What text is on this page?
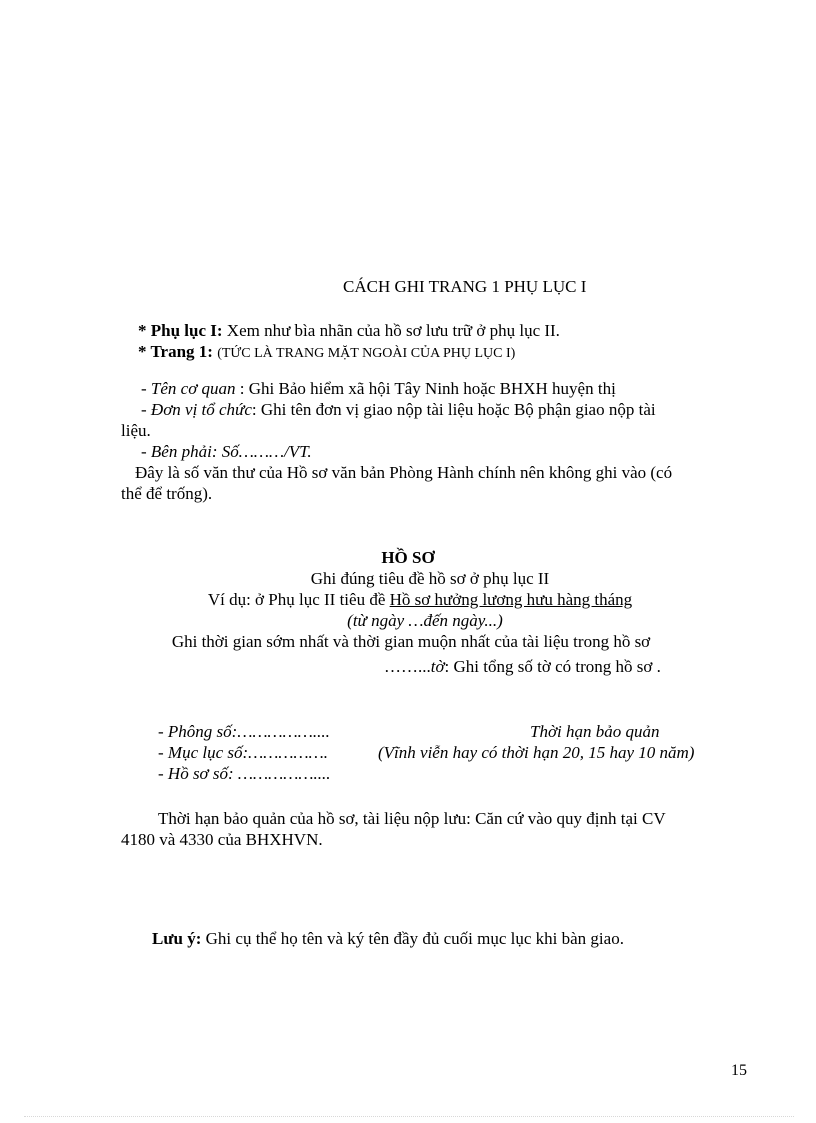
CÁCH GHI TRANG 1 PHỤ LỤC I
* Phụ lục I: Xem như bìa nhãn của hồ sơ lưu trữ ở phụ lục II.
* Trang 1: (TỨC LÀ TRANG MẶT NGOÀI CỦA PHỤ LỤC I)
- Tên cơ quan : Ghi Bảo hiểm xã hội Tây Ninh hoặc BHXH huyện thị
- Đơn vị tổ chức: Ghi tên đơn vị giao nộp tài liệu hoặc Bộ phận giao nộp tài
liệu.
- Bên phải: Số………/VT.
Đây là số văn thư của Hồ sơ văn bản Phòng Hành chính nên không ghi vào (có
thể để trống).
HỒ SƠ
Ghi đúng tiêu đề hồ sơ ở phụ lục II
Ví dụ: ở Phụ lục II tiêu đề Hồ sơ hưởng lương hưu hàng tháng
(từ ngày …đến ngày...)
Ghi thời gian sớm nhất và thời gian muộn nhất của tài liệu trong hồ sơ
……...tờ: Ghi tổng số tờ có trong hồ sơ .
- Phông số:……………....
- Mục lục số:…………….
- Hồ sơ số: ……………....
Thời hạn bảo quản
(Vĩnh viễn hay có thời hạn 20, 15 hay 10 năm)
Thời hạn bảo quản của hồ sơ, tài liệu nộp lưu: Căn cứ vào quy định tại CV
4180 và 4330 của BHXHVN.
Lưu ý: Ghi cụ thể họ tên và ký tên đầy đủ cuối mục lục khi bàn giao.
15
